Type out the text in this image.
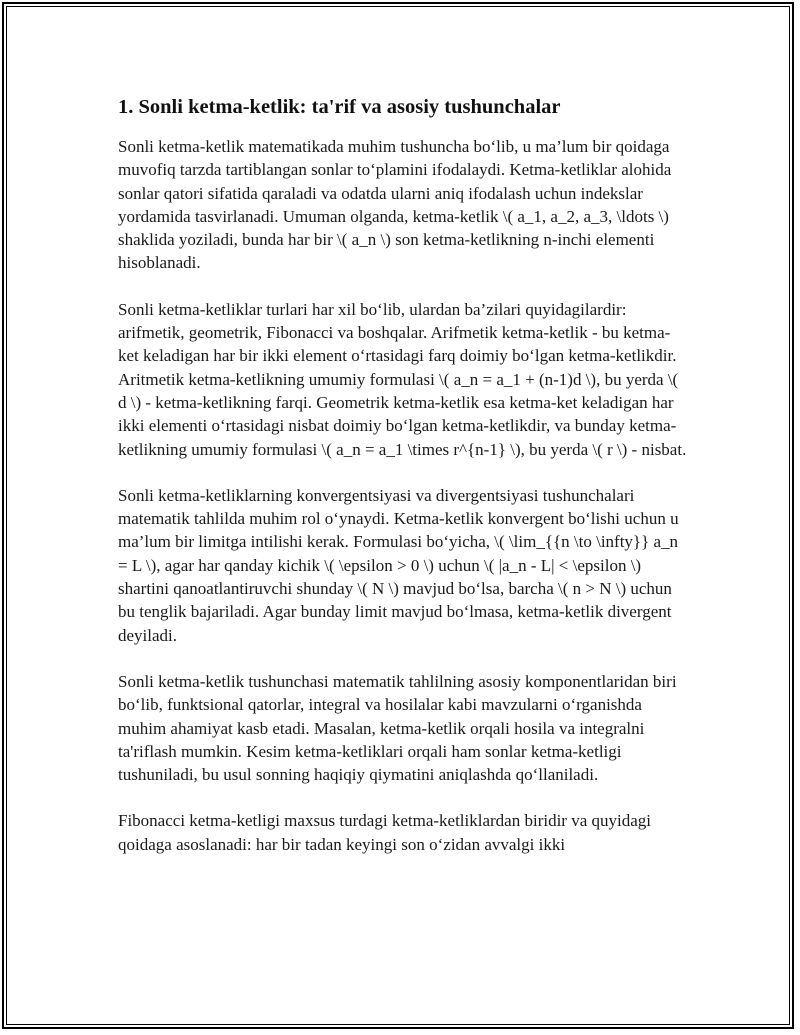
1. Sonli ketma-ketlik: ta'rif va asosiy tushunchalar

Sonli ketma-ketlik matematikada muhim tushuncha bo‘lib, u ma’lum bir qoidaga muvofiq tarzda tartiblangan sonlar to‘plamini ifodalaydi. Ketma-ketliklar alohida sonlar qatori sifatida qaraladi va odatda ularni aniq ifodalash uchun indekslar yordamida tasvirlanadi. Umuman olganda, ketma-ketlik \( a_1, a_2, a_3, \ldots \) shaklida yoziladi, bunda har bir \( a_n \) son ketma-ketlikning n-inchi elementi hisoblanadi.

Sonli ketma-ketliklar turlari har xil bo‘lib, ulardan ba’zilari quyidagilardir: arifmetik, geometrik, Fibonacci va boshqalar. Arifmetik ketma-ketlik - bu ketma-ket keladigan har bir ikki element o‘rtasidagi farq doimiy bo‘lgan ketma-ketlikdir. Aritmetik ketma-ketlikning umumiy formulasi \( a_n = a_1 + (n-1)d \), bu yerda \( d \) - ketma-ketlikning farqi. Geometrik ketma-ketlik esa ketma-ket keladigan har ikki elementi o‘rtasidagi nisbat doimiy bo‘lgan ketma-ketlikdir, va bunday ketma-ketlikning umumiy formulasi \( a_n = a_1 \times r^{n-1} \), bu yerda \( r \) - nisbat.

Sonli ketma-ketliklarning konvergentsiyasi va divergentsiyasi tushunchalari matematik tahlilda muhim rol o‘ynaydi. Ketma-ketlik konvergent bo‘lishi uchun u ma’lum bir limitga intilishi kerak. Formulasi bo‘yicha, \( \lim_{{n \to \infty}} a_n = L \), agar har qanday kichik \( \epsilon > 0 \) uchun \( |a_n - L| < \epsilon \) shartini qanoatlantiruvchi shunday \( N \) mavjud bo‘lsa, barcha \( n > N \) uchun bu tenglik bajariladi. Agar bunday limit mavjud bo‘lmasa, ketma-ketlik divergent deyiladi.

Sonli ketma-ketlik tushunchasi matematik tahlilning asosiy komponentlaridan biri bo‘lib, funktsional qatorlar, integral va hosilalar kabi mavzularni o‘rganishda muhim ahamiyat kasb etadi. Masalan, ketma-ketlik orqali hosila va integralni ta'riflash mumkin. Kesim ketma-ketliklari orqali ham sonlar ketma-ketligi tushuniladi, bu usul sonning haqiqiy qiymatini aniqlashda qo‘llaniladi.

Fibonacci ketma-ketligi maxsus turdagi ketma-ketliklardan biridir va quyidagi qoidaga asoslanadi: har bir tadan keyingi son o‘zidan avvalgi ikki
